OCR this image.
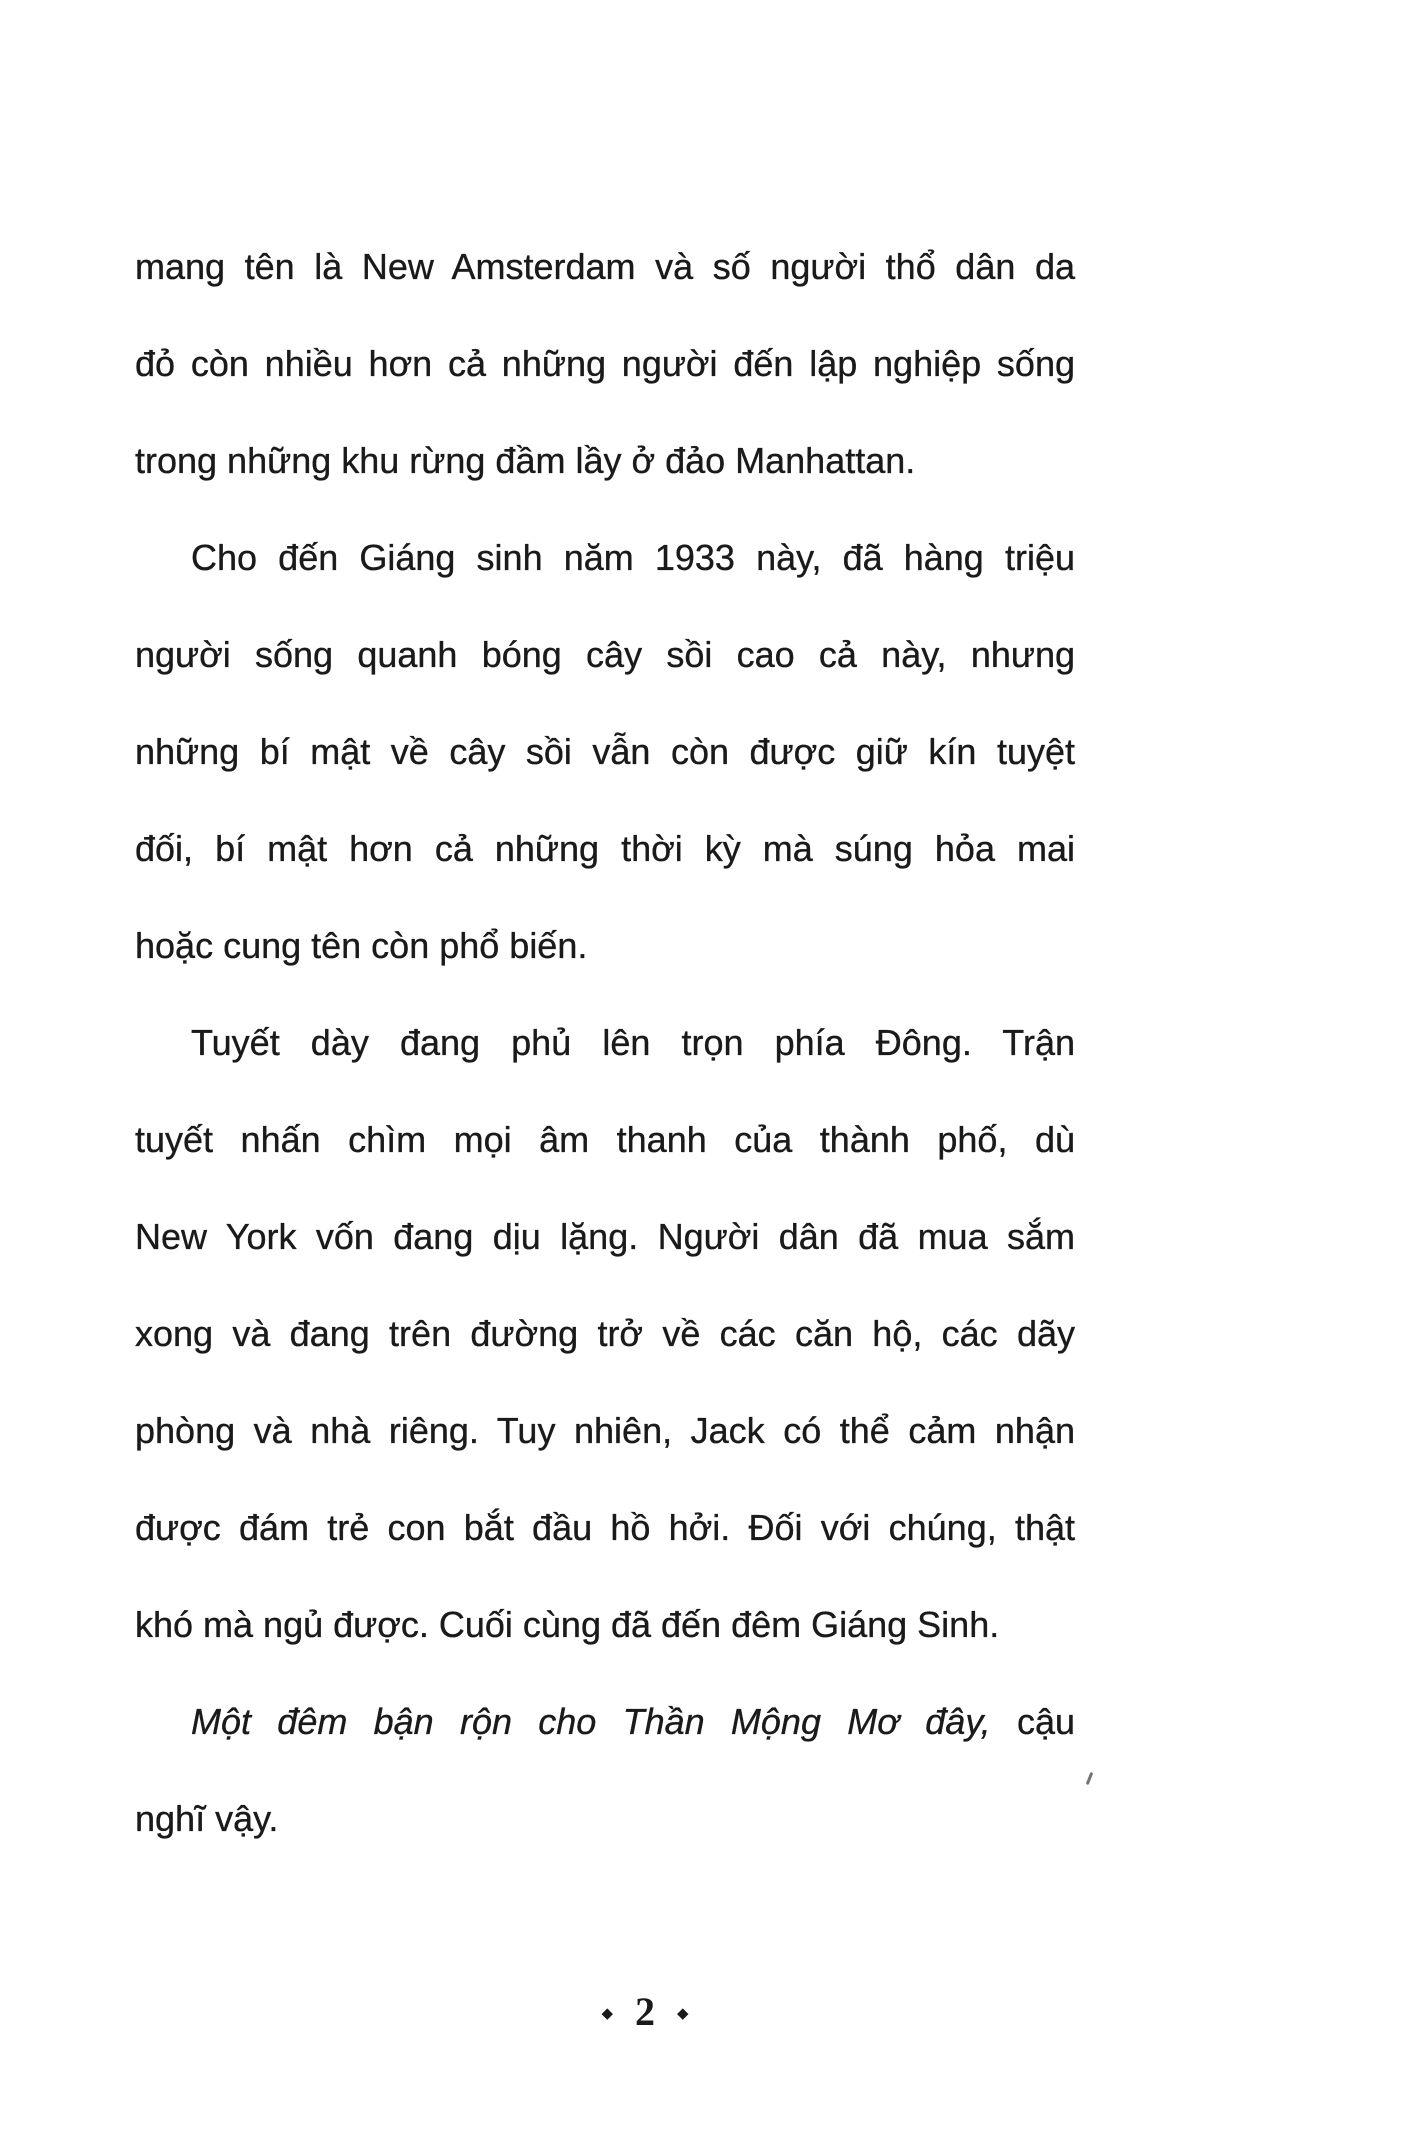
mang tên là New Amsterdam và số người thổ dân da
đỏ còn nhiều hơn cả những người đến lập nghiệp sống
trong những khu rừng đầm lầy ở đảo Manhattan.
Cho đến Giáng sinh năm 1933 này, đã hàng triệu
người sống quanh bóng cây sồi cao cả này, nhưng
những bí mật về cây sồi vẫn còn được giữ kín tuyệt
đối, bí mật hơn cả những thời kỳ mà súng hỏa mai
hoặc cung tên còn phổ biến.
Tuyết dày đang phủ lên trọn phía Đông. Trận
tuyết nhấn chìm mọi âm thanh của thành phố, dù
New York vốn đang dịu lặng. Người dân đã mua sắm
xong và đang trên đường trở về các căn hộ, các dãy
phòng và nhà riêng. Tuy nhiên, Jack có thể cảm nhận
được đám trẻ con bắt đầu hồ hởi. Đối với chúng, thật
khó mà ngủ được. Cuối cùng đã đến đêm Giáng Sinh.
Một đêm bận rộn cho Thần Mộng Mơ đây, cậu
nghĩ vậy.
◆ 2 ◆
